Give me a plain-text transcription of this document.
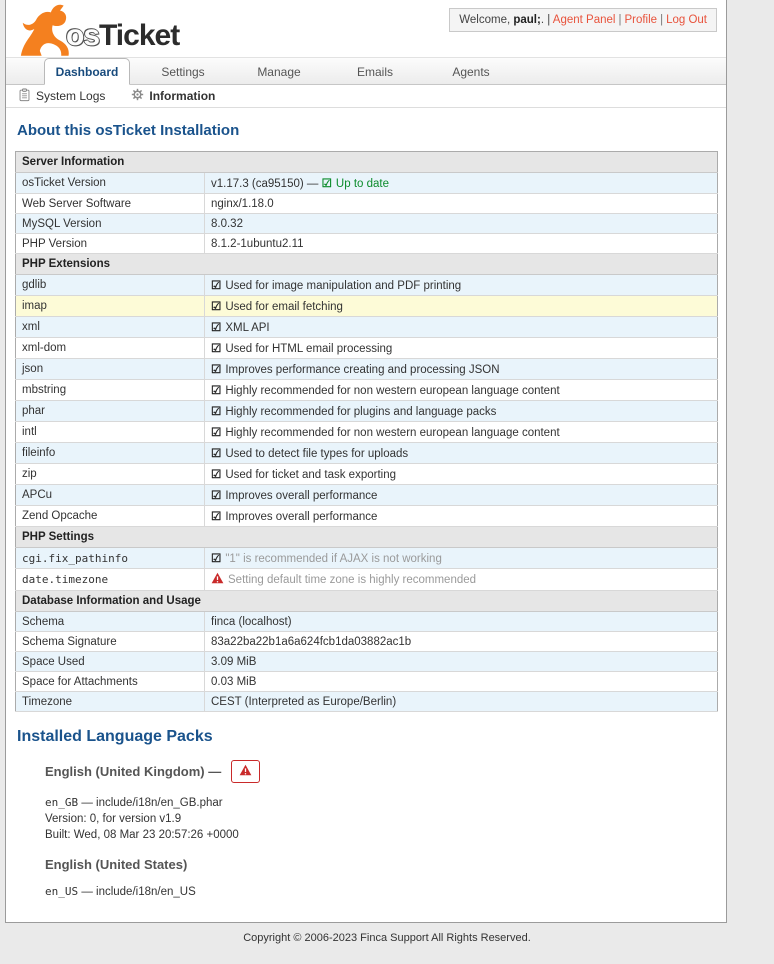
osTicket	Welcome, paul;. | Agent Panel | Profile | Log Out
Dashboard	Settings	Manage	Emails	Agents
System Logs	Information
About this osTicket Installation
Server Information	
osTicket Version	v1.17.3 (ca95150) — ☑ Up to date
Web Server Software	nginx/1.18.0
MySQL Version	8.0.32
PHP Version	8.1.2-1ubuntu2.11
PHP Extensions	
gdlib	☑ Used for image manipulation and PDF printing
imap	☑ Used for email fetching
xml	☑ XML API
xml-dom	☑ Used for HTML email processing
json	☑ Improves performance creating and processing JSON
mbstring	☑ Highly recommended for non western european language content
phar	☑ Highly recommended for plugins and language packs
intl	☑ Highly recommended for non western european language content
fileinfo	☑ Used to detect file types for uploads
zip	☑ Used for ticket and task exporting
APCu	☑ Improves overall performance
Zend Opcache	☑ Improves overall performance
PHP Settings	
cgi.fix_pathinfo	☑ "1" is recommended if AJAX is not working
date.timezone	Setting default time zone is highly recommended
Database Information and Usage	
Schema	finca (localhost)
Schema Signature	83a22ba22b1a6a624fcb1da03882ac1b
Space Used	3.09 MiB
Space for Attachments	0.03 MiB
Timezone	CEST (Interpreted as Europe/Berlin)
Installed Language Packs
English (United Kingdom) —
en_GB — include/i18n/en_GB.phar
Version: 0, for version v1.9
Built: Wed, 08 Mar 23 20:57:26 +0000
English (United States)
en_US — include/i18n/en_US
Copyright © 2006-2023 Finca Support All Rights Reserved.
